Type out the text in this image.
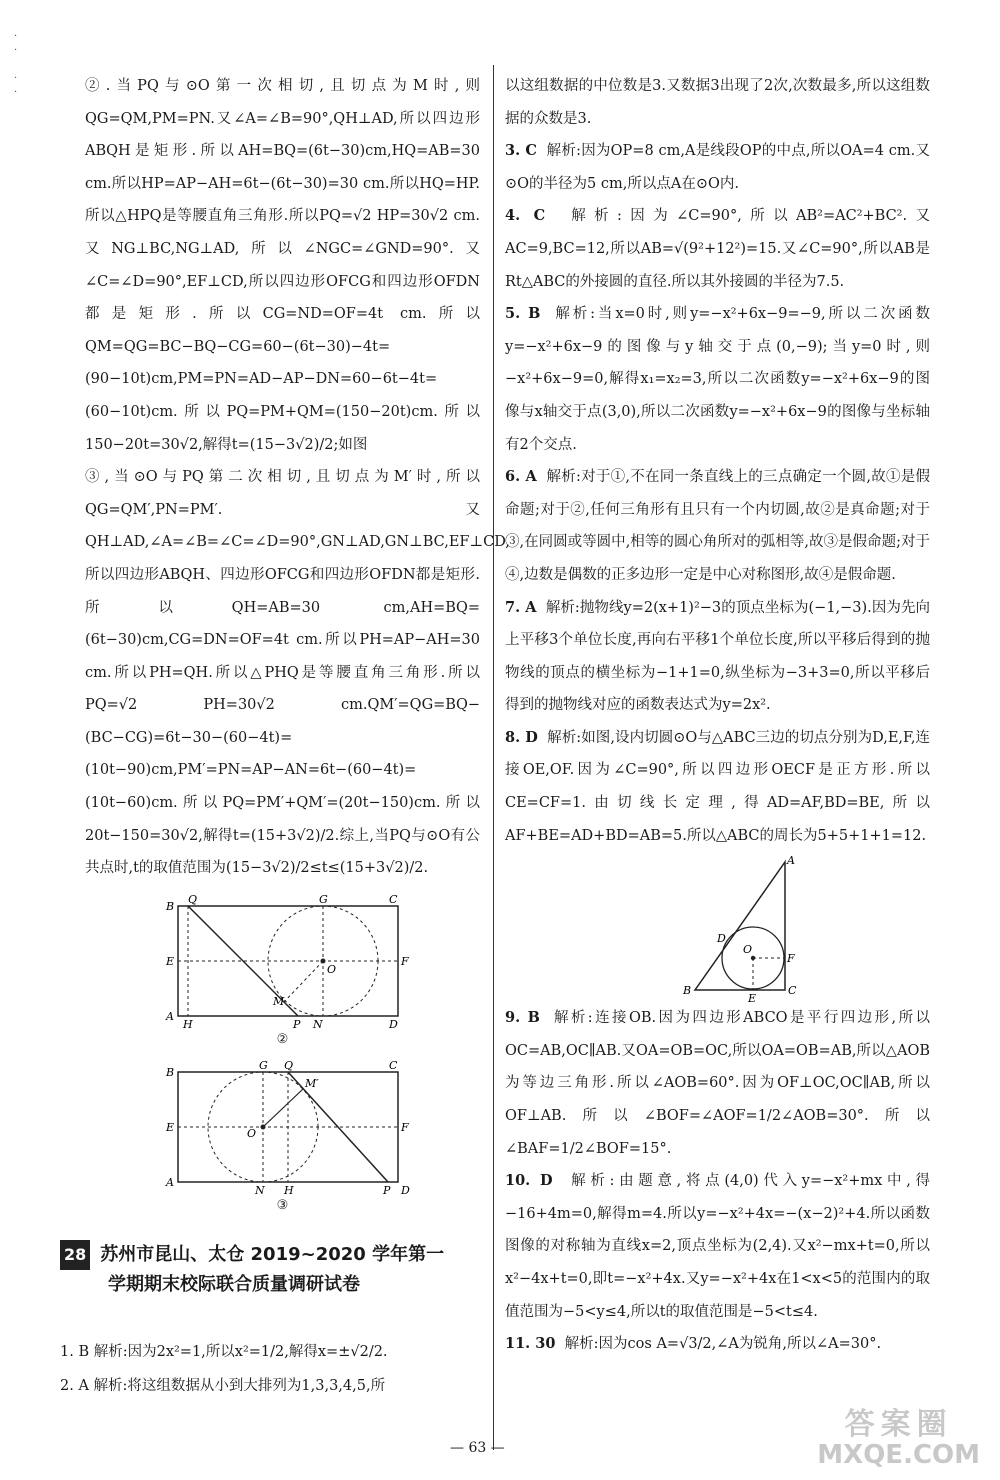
·
·

·
·	②.当PQ与⊙O第一次相切,且切点为M时,则QG=QM,PM=PN.又∠A=∠B=90°,QH⊥AD,所以四边形ABQH是矩形.所以AH=BQ=(6t−30)cm,HQ=AB=30 cm.所以HP=AP−AH=6t−(6t−30)=30 cm.所以HQ=HP.所以△HPQ是等腰直角三角形.所以PQ=√2 HP=30√2 cm.又NG⊥BC,NG⊥AD,所以∠NGC=∠GND=90°.又∠C=∠D=90°,EF⊥CD,所以四边形OFCG和四边形OFDN都是矩形.所以CG=ND=OF=4t cm.所以QM=QG=BC−BQ−CG=60−(6t−30)−4t=(90−10t)cm,PM=PN=AD−AP−DN=60−6t−4t=(60−10t)cm.所以PQ=PM+QM=(150−20t)cm.所以150−20t=30√2,解得t=(15−3√2)/2;如图

③,当⊙O与PQ第二次相切,且切点为M′时,所以QG=QM′,PN=PM′.又QH⊥AD,∠A=∠B=∠C=∠D=90°,GN⊥AD,GN⊥BC,EF⊥CD,所以四边形ABQH、四边形OFCG和四边形OFDN都是矩形.所以QH=AB=30 cm,AH=BQ=(6t−30)cm,CG=DN=OF=4t cm.所以PH=AP−AH=30 cm.所以PH=QH.所以△PHQ是等腰直角三角形.所以PQ=√2 PH=30√2 cm.QM′=QG=BQ−(BC−CG)=6t−30−(60−4t)=(10t−90)cm,PM′=PN=AP−AN=6t−(60−4t)=(10t−60)cm.所以PQ=PM′+QM′=(20t−150)cm.所以20t−150=30√2,解得t=(15+3√2)/2.综上,当PQ与⊙O有公共点时,t的取值范围为(15−3√2)/2≤t≤(15+3√2)/2.

B
Q	G	C
E	F
O
M
A
H	P N	D
②
B
G Q
M′
C
E	F
O
A
N H	P D
③
28 苏州市昆山、太仓 2019~2020 学年第一
学期期末校际联合质量调研试卷

1. B 解析:因为2x²=1,所以x²=1/2,解得x=±√2/2.

2. A 解析:将这组数据从小到大排列为1,3,3,4,5,所

以这组数据的中位数是3.又数据3出现了2次,次数最多,所以这组数据的众数是3.

3. C 解析:因为OP=8 cm,A是线段OP的中点,所以OA=4 cm.又⊙O的半径为5 cm,所以点A在⊙O内.

4. C 解析:因为∠C=90°,所以AB²=AC²+BC².又AC=9,BC=12,所以AB=√(9²+12²)=15.又∠C=90°,所以AB是Rt△ABC的外接圆的直径.所以其外接圆的半径为7.5.

5. B 解析:当x=0时,则y=−x²+6x−9=−9,所以二次函数y=−x²+6x−9的图像与y轴交于点(0,−9);当y=0时,则−x²+6x−9=0,解得x₁=x₂=3,所以二次函数y=−x²+6x−9的图像与x轴交于点(3,0),所以二次函数y=−x²+6x−9的图像与坐标轴有2个交点.

6. A 解析:对于①,不在同一条直线上的三点确定一个圆,故①是假命题;对于②,任何三角形有且只有一个内切圆,故②是真命题;对于③,在同圆或等圆中,相等的圆心角所对的弧相等,故③是假命题;对于④,边数是偶数的正多边形一定是中心对称图形,故④是假命题.

7. A 解析:抛物线y=2(x+1)²−3的顶点坐标为(−1,−3).因为先向上平移3个单位长度,再向右平移1个单位长度,所以平移后得到的抛物线的顶点的横坐标为−1+1=0,纵坐标为−3+3=0,所以平移后得到的抛物线对应的函数表达式为y=2x².

8. D 解析:如图,设内切圆⊙O与△ABC三边的切点分别为D,E,F,连接OE,OF.因为∠C=90°,所以四边形OECF是正方形.所以CE=CF=1.由切线长定理,得AD=AF,BD=BE,所以AF+BE=AD+BD=AB=5.所以△ABC的周长为5+5+1+1=12.

A
B	C
D
E
F
O

9. B 解析:连接OB.因为四边形ABCO是平行四边形,所以OC=AB,OC∥AB.又OA=OB=OC,所以OA=OB=AB,所以△AOB为等边三角形.所以∠AOB=60°.因为OF⊥OC,OC∥AB,所以OF⊥AB.所以∠BOF=∠AOF=1/2∠AOB=30°.所以∠BAF=1/2∠BOF=15°.

10. D 解析:由题意,将点(4,0)代入y=−x²+mx中,得−16+4m=0,解得m=4.所以y=−x²+4x=−(x−2)²+4.所以函数图像的对称轴为直线x=2,顶点坐标为(2,4).又x²−mx+t=0,所以x²−4x+t=0,即t=−x²+4x.又y=−x²+4x在1<x<5的范围内的取值范围为−5<y≤4,所以t的取值范围是−5<t≤4.

11. 30 解析:因为cos A=√3/2,∠A为锐角,所以∠A=30°.

— 63 —
答案圈
MXQE.COM
